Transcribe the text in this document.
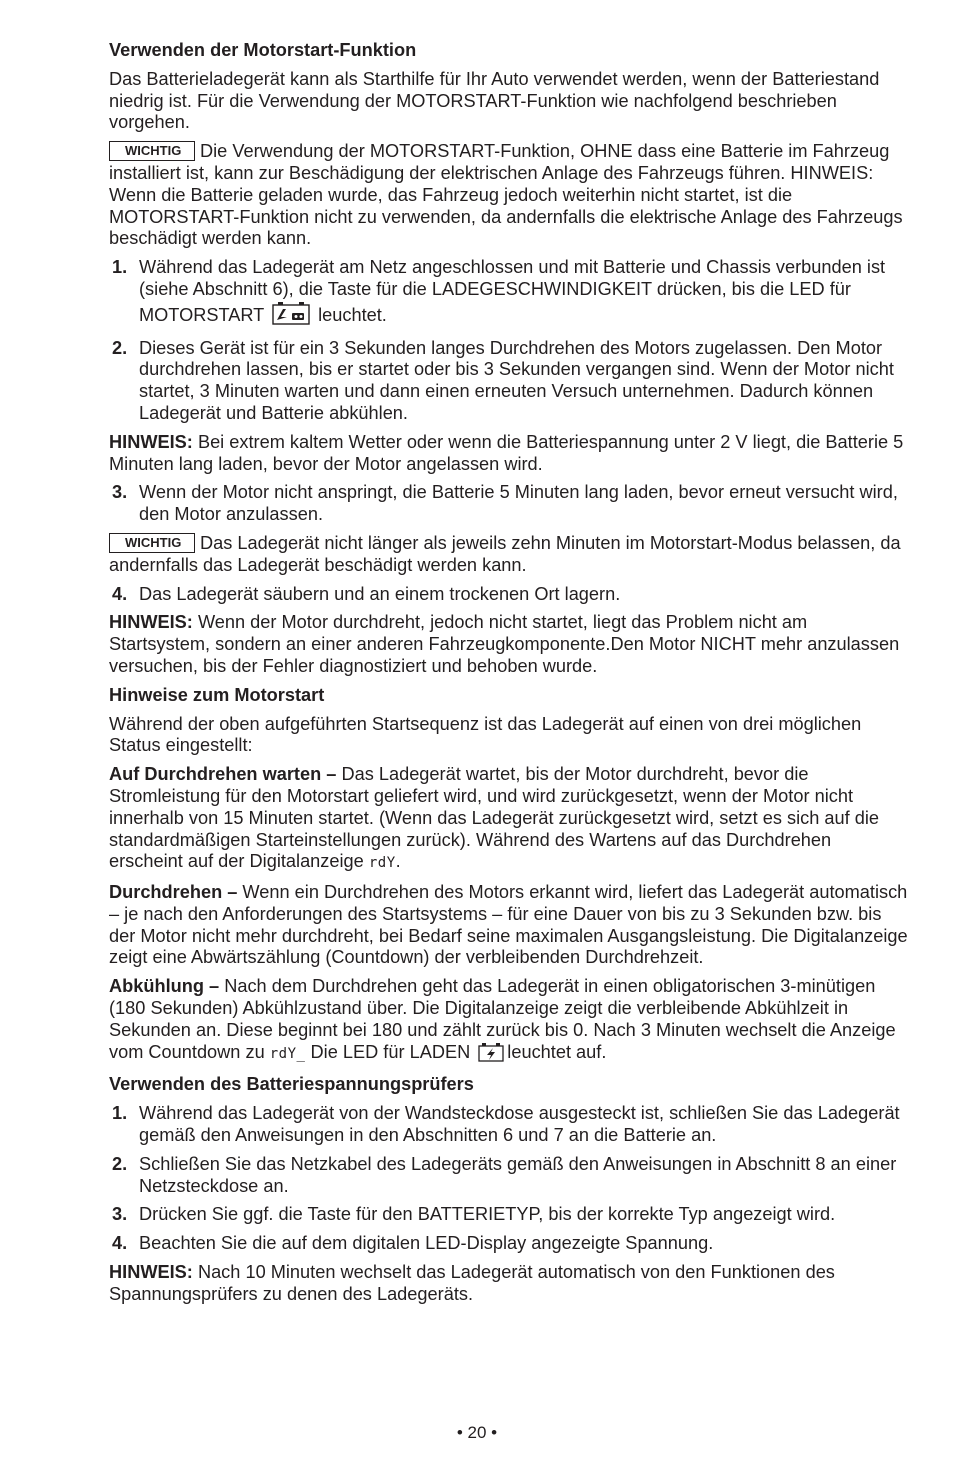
Verwenden der Motorstart-Funktion
Das Batterieladegerät kann als Starthilfe für Ihr Auto verwendet werden, wenn der Batteriestand niedrig ist. Für die Verwendung der MOTORSTART-Funktion wie nachfolgend beschrieben vorgehen.
WICHTIG Die Verwendung der MOTORSTART-Funktion, OHNE dass eine Batterie im Fahrzeug installiert ist, kann zur Beschädigung der elektrischen Anlage des Fahrzeugs führen. HINWEIS: Wenn die Batterie geladen wurde, das Fahrzeug jedoch weiterhin nicht startet, ist die MOTORSTART-Funktion nicht zu verwenden, da andernfalls die elektrische Anlage des Fahrzeugs beschädigt werden kann.
1. Während das Ladegerät am Netz angeschlossen und mit Batterie und Chassis verbunden ist (siehe Abschnitt 6), die Taste für die LADEGESCHWINDIGKEIT drücken, bis die LED für MOTORSTART	leuchtet.
2. Dieses Gerät ist für ein 3 Sekunden langes Durchdrehen des Motors zugelassen. Den Motor durchdrehen lassen, bis er startet oder bis 3 Sekunden vergangen sind. Wenn der Motor nicht startet, 3 Minuten warten und dann einen erneuten Versuch unternehmen. Dadurch können Ladegerät und Batterie abkühlen.
HINWEIS: Bei extrem kaltem Wetter oder wenn die Batteriespannung unter 2 V liegt, die Batterie 5 Minuten lang laden, bevor der Motor angelassen wird.
3. Wenn der Motor nicht anspringt, die Batterie 5 Minuten lang laden, bevor erneut versucht wird, den Motor anzulassen.
WICHTIG Das Ladegerät nicht länger als jeweils zehn Minuten im Motorstart-Modus belassen, da andernfalls das Ladegerät beschädigt werden kann.
4. Das Ladegerät säubern und an einem trockenen Ort lagern.
HINWEIS: Wenn der Motor durchdreht, jedoch nicht startet, liegt das Problem nicht am Startsystem, sondern an einer anderen Fahrzeugkomponente.Den Motor NICHT mehr anzulassen versuchen, bis der Fehler diagnostiziert und behoben wurde.
Hinweise zum Motorstart
Während der oben aufgeführten Startsequenz ist das Ladegerät auf einen von drei möglichen Status eingestellt:
Auf Durchdrehen warten – Das Ladegerät wartet, bis der Motor durchdreht, bevor die Stromleistung für den Motorstart geliefert wird, und wird zurückgesetzt, wenn der Motor nicht innerhalb von 15 Minuten startet. (Wenn das Ladegerät zurückgesetzt wird, setzt es sich auf die standardmäßigen Starteinstellungen zurück). Während des Wartens auf das Durchdrehen erscheint auf der Digitalanzeige rdY.
Durchdrehen – Wenn ein Durchdrehen des Motors erkannt wird, liefert das Ladegerät automatisch – je nach den Anforderungen des Startsystems – für eine Dauer von bis zu 3 Sekunden bzw. bis der Motor nicht mehr durchdreht, bei Bedarf seine maximalen Ausgangsleistung. Die Digitalanzeige zeigt eine Abwärtszählung (Countdown) der verbleibenden Durchdrehzeit.
Abkühlung – Nach dem Durchdrehen geht das Ladegerät in einen obligatorischen 3-minütigen (180 Sekunden) Abkühlzustand über. Die Digitalanzeige zeigt die verbleibende Abkühlzeit in Sekunden an. Diese beginnt bei 180 und zählt zurück bis 0. Nach 3 Minuten wechselt die Anzeige vom Countdown zu rdY_ Die LED für LADEN leuchtet auf.
Verwenden des Batteriespannungsprüfers
1. Während das Ladegerät von der Wandsteckdose ausgesteckt ist, schließen Sie das Ladegerät gemäß den Anweisungen in den Abschnitten 6 und 7 an die Batterie an.
2. Schließen Sie das Netzkabel des Ladegeräts gemäß den Anweisungen in Abschnitt 8 an einer Netzsteckdose an.
3. Drücken Sie ggf. die Taste für den BATTERIETYP, bis der korrekte Typ angezeigt wird.
4. Beachten Sie die auf dem digitalen LED-Display angezeigte Spannung.
HINWEIS: Nach 10 Minuten wechselt das Ladegerät automatisch von den Funktionen des Spannungsprüfers zu denen des Ladegeräts.
• 20 •
